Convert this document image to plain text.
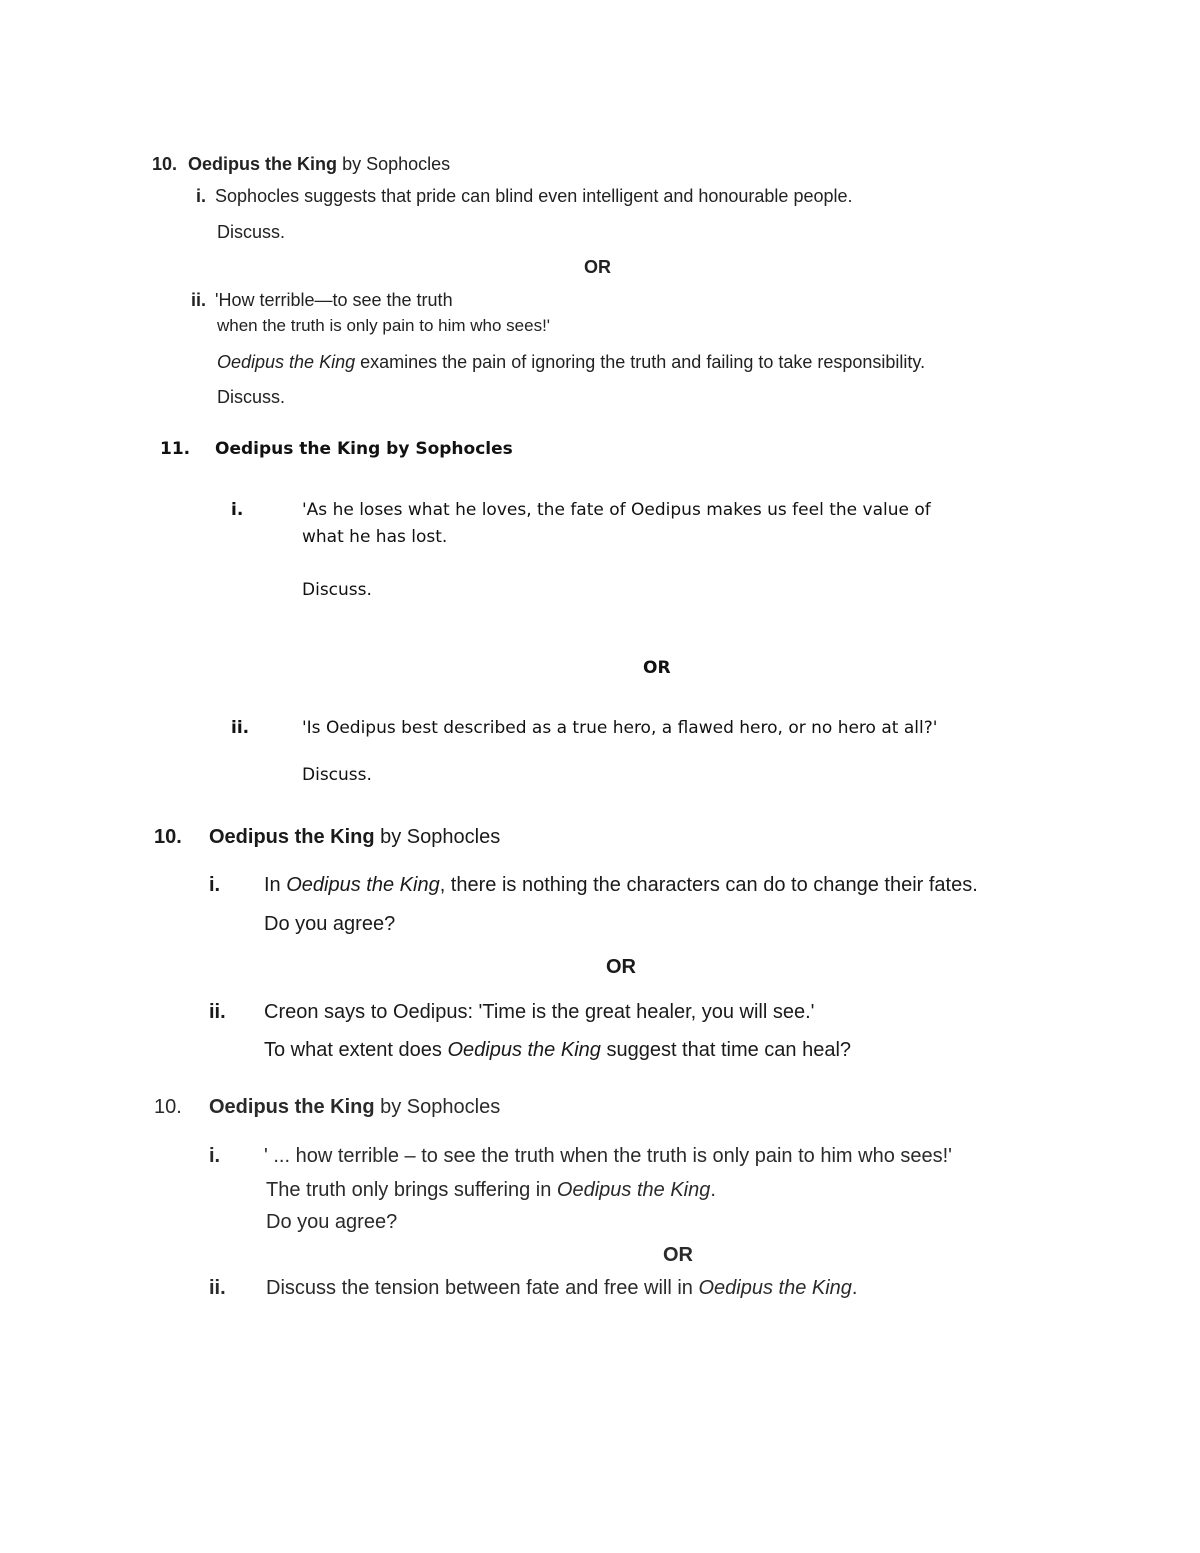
10. Oedipus the King by Sophocles
i. Sophocles suggests that pride can blind even intelligent and honourable people.
Discuss.
OR
ii. 'How terrible—to see the truth
when the truth is only pain to him who sees!'
Oedipus the King examines the pain of ignoring the truth and failing to take responsibility.
Discuss.
11. Oedipus the King by Sophocles
i.	'As he loses what he loves, the fate of Oedipus makes us feel the value of
what he has lost.
Discuss.
OR
ii.	'Is Oedipus best described as a true hero, a flawed hero, or no hero at all?'
Discuss.
10. Oedipus the King by Sophocles
i. In Oedipus the King, there is nothing the characters can do to change their fates.
Do you agree?
OR
ii. Creon says to Oedipus: 'Time is the great healer, you will see.'
To what extent does Oedipus the King suggest that time can heal?
10. Oedipus the King by Sophocles
i. ' ... how terrible – to see the truth when the truth is only pain to him who sees!'
The truth only brings suffering in Oedipus the King.
Do you agree?
OR
ii. Discuss the tension between fate and free will in Oedipus the King.
